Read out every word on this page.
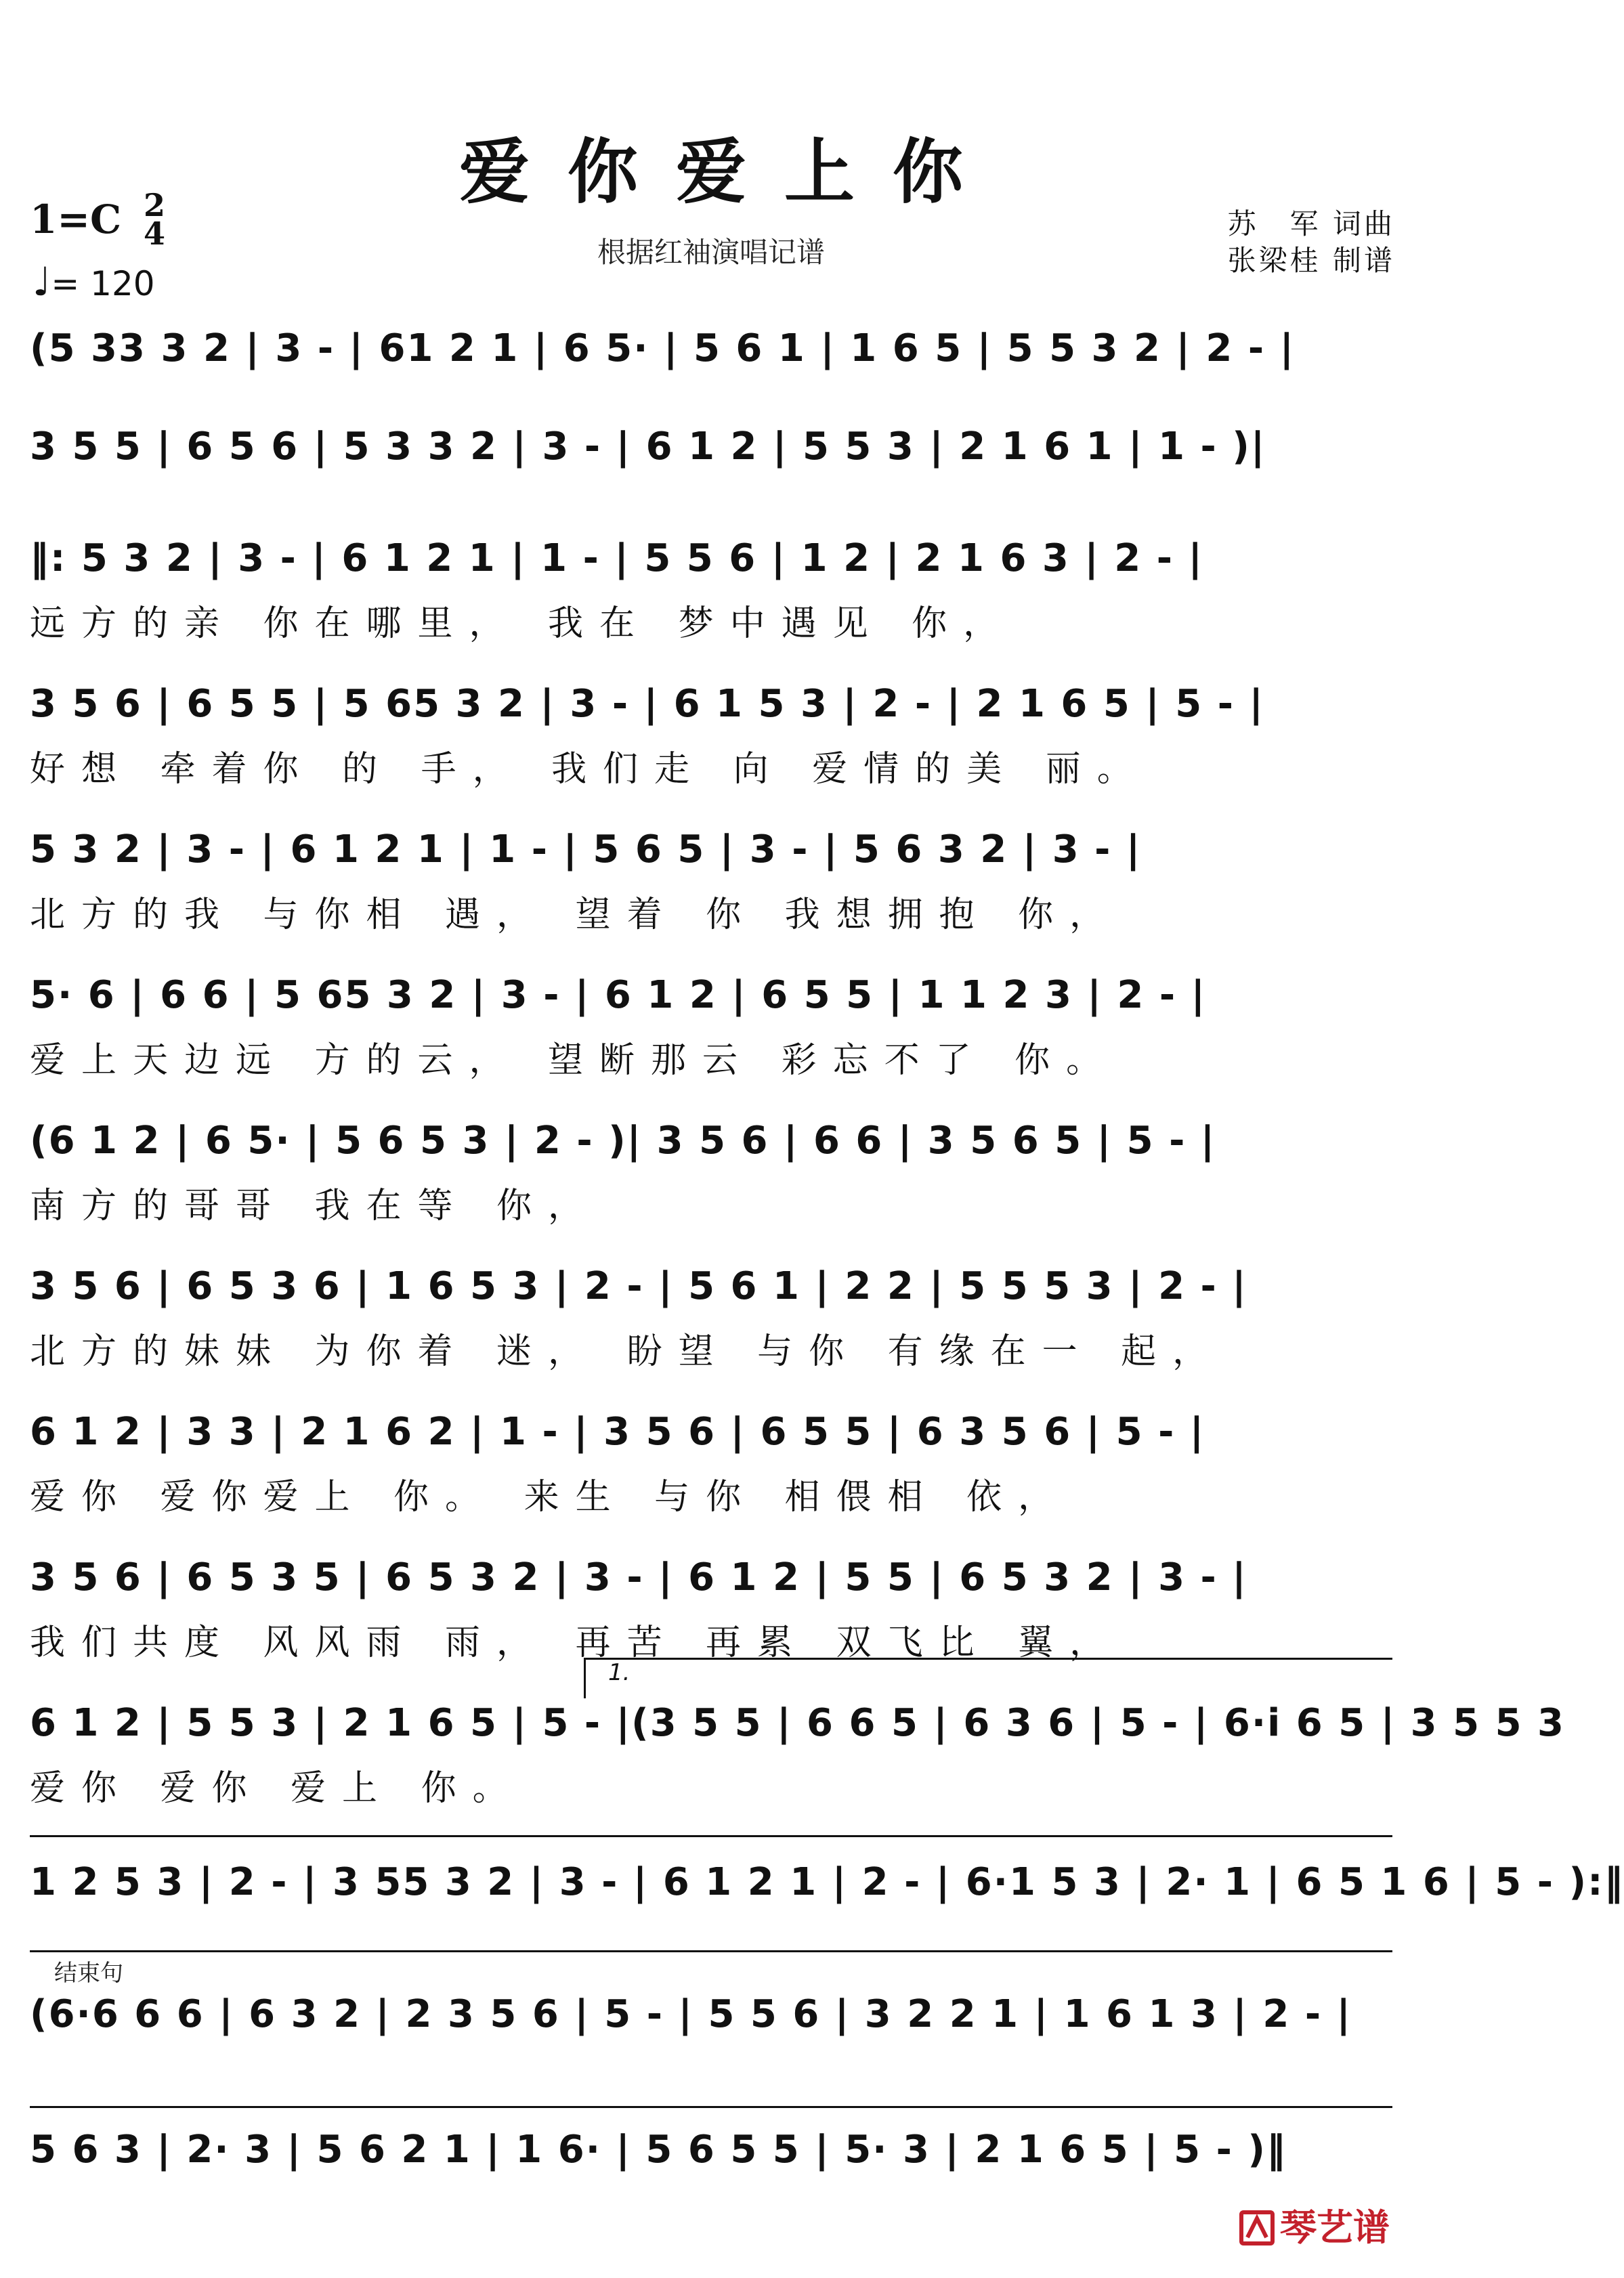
爱你爱上你
根据红袖演唱记谱
1=C 2
4
♩= 120
苏　军 词曲
张梁桂 制谱
(5 33 3 2 | 3 - | 61 2 1 | 6 5· | 5 6 1 | 1 6 5 | 5 5 3 2 | 2 - |
3 5 5 | 6 5 6 | 5 3 3 2 | 3 - | 6 1 2 | 5 5 3 | 2 1 6 1 | 1 - )|
‖: 5 3 2 | 3 - | 6 1 2 1 | 1 - | 5 5 6 | 1 2 | 2 1 6 3 | 2 - |
远方的亲 你在哪里， 我在 梦中遇见 你，
3 5 6 | 6 5 5 | 5 65 3 2 | 3 - | 6 1 5 3 | 2 - | 2 1 6 5 | 5 - |
好想 牵着你 的 手， 我们走 向 爱情的美 丽。
5 3 2 | 3 - | 6 1 2 1 | 1 - | 5 6 5 | 3 - | 5 6 3 2 | 3 - |
北方的我 与你相 遇， 望着 你 我想拥抱 你，
5· 6 | 6 6 | 5 65 3 2 | 3 - | 6 1 2 | 6 5 5 | 1 1 2 3 | 2 - |
爱上天边远 方的云， 望断那云 彩忘不了 你。
(6 1 2 | 6 5· | 5 6 5 3 | 2 - )| 3 5 6 | 6 6 | 3 5 6 5 | 5 - |
南方的哥哥 我在等 你，
3 5 6 | 6 5 3 6 | 1 6 5 3 | 2 - | 5 6 1 | 2 2 | 5 5 5 3 | 2 - |
北方的妹妹 为你着 迷， 盼望 与你 有缘在一 起，
6 1 2 | 3 3 | 2 1 6 2 | 1 - | 3 5 6 | 6 5 5 | 6 3 5 6 | 5 - |
爱你 爱你爱上 你。 来生 与你 相偎相 依，
3 5 6 | 6 5 3 5 | 6 5 3 2 | 3 - | 6 1 2 | 5 5 | 6 5 3 2 | 3 - |
我们共度 风风雨 雨， 再苦 再累 双飞比 翼，
6 1 2 | 5 5 3 | 2 1 6 5 | 5 - |(3 5 5 | 6 6 5 | 6 3 6 | 5 - | 6·i 6 5 | 3 5 5 3
爱你 爱你 爱上 你。
1 2 5 3 | 2 - | 3 55 3 2 | 3 - | 6 1 2 1 | 2 - | 6·1 5 3 | 2· 1 | 6 5 1 6 | 5 - ):‖
(6·6 6 6 | 6 3 2 | 2 3 5 6 | 5 - | 5 5 6 | 3 2 2 1 | 1 6 1 3 | 2 - |
5 6 3 | 2· 3 | 5 6 2 1 | 1 6· | 5 6 5 5 | 5· 3 | 2 1 6 5 | 5 - )‖
1.
结束句
琴艺谱
